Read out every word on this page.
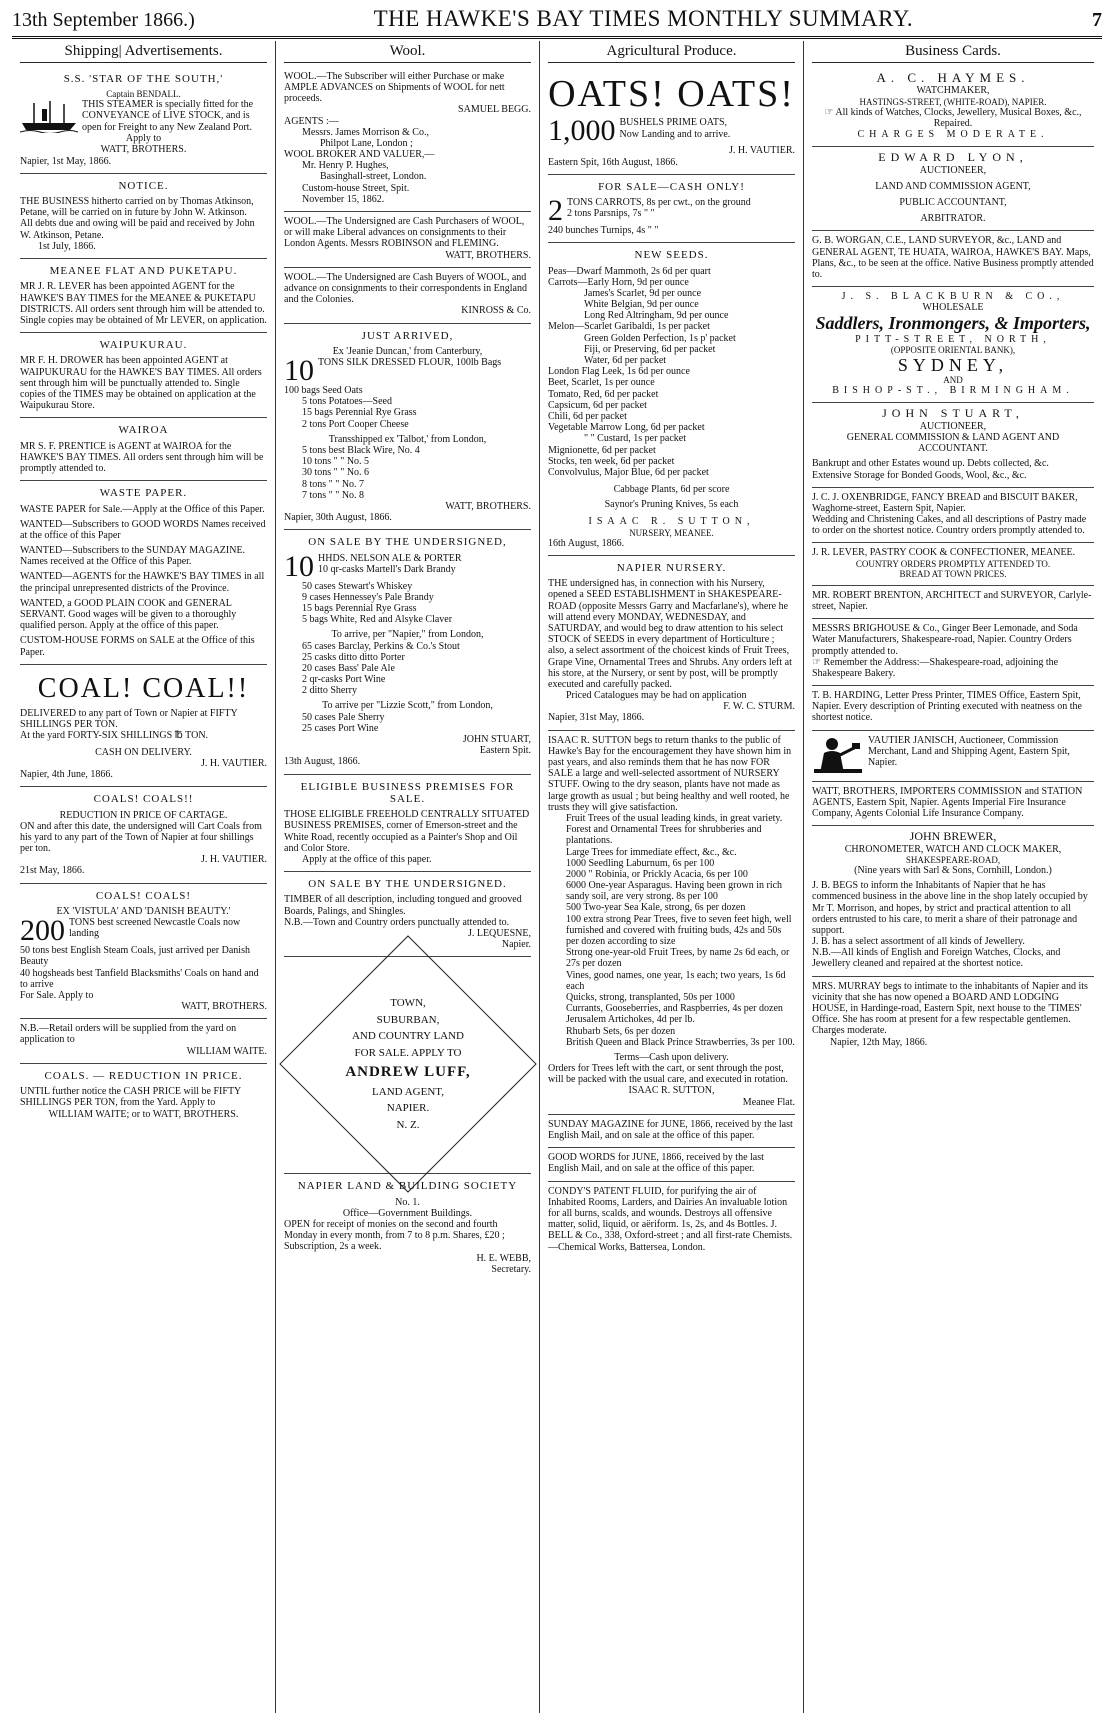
13th September 1866.)	THE HAWKE'S BAY TIMES MONTHLY SUMMARY.	7
Shipping| Advertisements.
S.S. 'STAR OF THE SOUTH,'
Captain BENDALL.

THIS STEAMER is specially fitted for the CONVEYANCE of LIVE STOCK, and is open for Freight to any New Zealand Port.

Apply to
WATT, BROTHERS.
Napier, 1st May, 1866.
NOTICE.

THE BUSINESS hitherto carried on by Thomas Atkinson, Petane, will be carried on in future by John W. Atkinson.

All debts due and owing will be paid and received by John W. Atkinson, Petane.

1st July, 1866.
MEANEE FLAT AND PUKETAPU.

MR J. R. LEVER has been appointed AGENT for the HAWKE'S BAY TIMES for the MEANEE & PUKETAPU DISTRICTS. All orders sent through him will be attended to. Single copies may be obtained of Mr LEVER, on application.

WAIPUKURAU.

MR F. H. DROWER has been appointed AGENT at WAIPUKURAU for the HAWKE'S BAY TIMES. All orders sent through him will be punctually attended to. Single copies of the TIMES may be obtained on application at the Waipukurau Store.

WAIROA

MR S. F. PRENTICE is AGENT at WAIROA for the HAWKE'S BAY TIMES. All orders sent through him will be promptly attended to.

WASTE PAPER.

WASTE PAPER for Sale.—Apply at the Office of this Paper.

WANTED—Subscribers to GOOD WORDS Names received at the office of this Paper

WANTED—Subscribers to the SUNDAY MAGAZINE. Names received at the Office of this Paper.

WANTED—AGENTS for the HAWKE'S BAY TIMES in all the principal unrepresented districts of the Province.

WANTED, a GOOD PLAIN COOK and GENERAL SERVANT. Good wages will be given to a thoroughly qualified person. Apply at the office of this paper.

CUSTOM-HOUSE FORMS on SALE at the Office of this Paper.

COAL! COAL!!

DELIVERED to any part of Town or Napier at FIFTY SHILLINGS PER TON.

At the yard FORTY-SIX SHILLINGS ℔ TON.

CASH ON DELIVERY.
J. H. VAUTIER.
Napier, 4th June, 1866.
COALS! COALS!!
REDUCTION IN PRICE OF CARTAGE.

ON and after this date, the undersigned will Cart Coals from his yard to any part of the Town of Napier at four shillings per ton.

J. H. VAUTIER.
21st May, 1866.
COALS! COALS!
EX 'VISTULA' AND 'DANISH BEAUTY.'
200 TONS best screened Newcastle Coals now landing

50 tons best English Steam Coals, just arrived per Danish Beauty

40 hogsheads best Tanfield Blacksmiths' Coals on hand and to arrive

For Sale. Apply to

WATT, BROTHERS.

N.B.—Retail orders will be supplied from the yard on application to

WILLIAM WAITE.
COALS. — REDUCTION IN PRICE.

UNTIL further notice the CASH PRICE will be FIFTY SHILLINGS PER TON, from the Yard. Apply to

WILLIAM WAITE; or to WATT, BROTHERS.
Wool.

WOOL.—The Subscriber will either Purchase or make AMPLE ADVANCES on Shipments of WOOL for nett proceeds.

SAMUEL BEGG.
AGENTS :—
Messrs. James Morrison & Co.,
Philpot Lane, London ;
WOOL BROKER AND VALUER,—
Mr. Henry P. Hughes,
Basinghall-street, London.
Custom-house Street, Spit.
November 15, 1862.

WOOL.—The Undersigned are Cash Purchasers of WOOL, or will make Liberal advances on consignments to their London Agents. Messrs ROBINSON and FLEMING.

WATT, BROTHERS.

WOOL.—The Undersigned are Cash Buyers of WOOL, and advance on consignments to their correspondents in England and the Colonies.

KINROSS & Co.
JUST ARRIVED,
Ex 'Jeanie Duncan,' from Canterbury,
10 TONS SILK DRESSED FLOUR, 100lb Bags

100 bags Seed Oats
5 tons Potatoes—Seed
15 bags Perennial Rye Grass
2 tons Port Cooper Cheese
Transshipped ex 'Talbot,' from London,
5 tons best Black Wire, No. 4
10 tons " " No. 5
30 tons " " No. 6
8 tons " " No. 7
7 tons " " No. 8
WATT, BROTHERS.
Napier, 30th August, 1866.
ON SALE BY THE UNDERSIGNED,
10 HHDS. NELSON ALE & PORTER
10 qr-casks Martell's Dark Brandy
50 cases Stewart's Whiskey
9 cases Hennessey's Pale Brandy
15 bags Perennial Rye Grass
5 bags White, Red and Alsyke Claver
To arrive, per "Napier," from London,
65 cases Barclay, Perkins & Co.'s Stout
25 casks ditto ditto Porter
20 cases Bass' Pale Ale
2 qr-casks Port Wine
2 ditto Sherry
To arrive per "Lizzie Scott," from London,
50 cases Pale Sherry
25 cases Port Wine
JOHN STUART,
Eastern Spit.
13th August, 1866.
ELIGIBLE BUSINESS PREMISES FOR SALE.

THOSE ELIGIBLE FREEHOLD CENTRALLY SITUATED BUSINESS PREMISES, corner of Emerson-street and the White Road, recently occupied as a Painter's Shop and Oil and Color Store.

Apply at the office of this paper.
ON SALE BY THE UNDERSIGNED.

TIMBER of all description, including tongued and grooved Boards, Palings, and Shingles.

N.B.—Town and Country orders punctually attended to.

J. LEQUESNE,
Napier.
TOWN,
SUBURBAN,
AND COUNTRY LAND
FOR SALE. APPLY TO
ANDREW LUFF,
LAND AGENT,
NAPIER.
N. Z.
NAPIER LAND & BUILDING SOCIETY
No. 1.
Office—Government Buildings.

OPEN for receipt of monies on the second and fourth Monday in every month, from 7 to 8 p.m. Shares, £20 ; Subscription, 2s a week.

H. E. WEBB,
Secretary.
Agricultural Produce.
OATS! OATS!
1,000 BUSHELS PRIME OATS,
Now Landing and to arrive.
J. H. VAUTIER.
Eastern Spit, 16th August, 1866.
FOR SALE—CASH ONLY!
2 TONS CARROTS, 8s per cwt., on the ground
2 tons Parsnips, 7s " "
240 bunches Turnips, 4s " "
NEW SEEDS.
Peas—Dwarf Mammoth, 2s 6d per quart
Carrots—Early Horn, 9d per ounce
James's Scarlet, 9d per ounce
White Belgian, 9d per ounce
Long Red Altringham, 9d per ounce
Melon—Scarlet Garibaldi, 1s per packet
Green Golden Perfection, 1s p' packet
Fiji, or Preserving, 6d per packet
Water, 6d per packet
London Flag Leek, 1s 6d per ounce
Beet, Scarlet, 1s per ounce
Tomato, Red, 6d per packet
Capsicum, 6d per packet
Chili, 6d per packet
Vegetable Marrow Long, 6d per packet
" " Custard, 1s per packet
Mignionette, 6d per packet
Stocks, ten week, 6d per packet
Convolvulus, Major Blue, 6d per packet
Cabbage Plants, 6d per score
Saynor's Pruning Knives, 5s each
ISAAC R. SUTTON,
NURSERY, MEANEE.
16th August, 1866.
NAPIER NURSERY.

THE undersigned has, in connection with his Nursery, opened a SEED ESTABLISHMENT in SHAKESPEARE-ROAD (opposite Messrs Garry and Macfarlane's), where he will attend every MONDAY, WEDNESDAY, and SATURDAY, and would beg to draw attention to his select STOCK of SEEDS in every department of Horticulture ; also, a select assortment of the choicest kinds of Fruit Trees, Grape Vine, Ornamental Trees and Shrubs. Any orders left at his store, at the Nursery, or sent by post, will be promptly executed and carefully packed.

Priced Catalogues may be had on application
F. W. C. STURM.
Napier, 31st May, 1866.

ISAAC R. SUTTON begs to return thanks to the public of Hawke's Bay for the encouragement they have shown him in past years, and also reminds them that he has now FOR SALE a large and well-selected assortment of NURSERY STUFF. Owing to the dry season, plants have not made as large growth as usual ; but being healthy and well rooted, he trusts they will give satisfaction.

Fruit Trees of the usual leading kinds, in great variety.
Forest and Ornamental Trees for shrubberies and plantations.
Large Trees for immediate effect, &c., &c.
1000 Seedling Laburnum, 6s per 100
2000 " Robinia, or Prickly Acacia, 6s per 100
6000 One-year Asparagus. Having been grown in rich sandy soil, are very strong. 8s per 100
500 Two-year Sea Kale, strong, 6s per dozen
100 extra strong Pear Trees, five to seven feet high, well furnished and covered with fruiting buds, 42s and 50s per dozen according to size
Strong one-year-old Fruit Trees, by name 2s 6d each, or 27s per dozen
Vines, good names, one year, 1s each; two years, 1s 6d each
Quicks, strong, transplanted, 50s per 1000
Currants, Gooseberries, and Raspberries, 4s per dozen
Jerusalem Artichokes, 4d per lb.
Rhubarb Sets, 6s per dozen
British Queen and Black Prince Strawberries, 3s per 100.
Terms—Cash upon delivery.

Orders for Trees left with the cart, or sent through the post, will be packed with the usual care, and executed in rotation.

ISAAC R. SUTTON,
Meanee Flat.

SUNDAY MAGAZINE for JUNE, 1866, received by the last English Mail, and on sale at the office of this paper.

GOOD WORDS for JUNE, 1866, received by the last English Mail, and on sale at the office of this paper.

CONDY'S PATENT FLUID, for purifying the air of Inhabited Rooms, Larders, and Dairies An invaluable lotion for all burns, scalds, and wounds. Destroys all offensive matter, solid, liquid, or aëriform. 1s, 2s, and 4s Bottles. J. BELL & Co., 338, Oxford-street ; and all first-rate Chemists.—Chemical Works, Battersea, London.

Business Cards.
A. C. HAYMES.
WATCHMAKER,
HASTINGS-STREET, (WHITE-ROAD), NAPIER.
☞ All kinds of Watches, Clocks, Jewellery, Musical Boxes, &c., Repaired.
CHARGES MODERATE.
EDWARD LYON,
AUCTIONEER,
LAND AND COMMISSION AGENT,
PUBLIC ACCOUNTANT,
ARBITRATOR.

G. B. WORGAN, C.E., LAND SURVEYOR, &c., LAND and GENERAL AGENT, TE HUATA, WAIROA, HAWKE'S BAY. Maps, Plans, &c., to be seen at the office. Native Business promptly attended to.

J. S. BLACKBURN & CO.,
WHOLESALE
Saddlers, Ironmongers, & Importers,
PITT-STREET, NORTH,
(OPPOSITE ORIENTAL BANK),
SYDNEY,
AND
BISHOP-ST., BIRMINGHAM.
JOHN STUART,
AUCTIONEER,
GENERAL COMMISSION & LAND AGENT AND ACCOUNTANT.

Bankrupt and other Estates wound up. Debts collected, &c.

Extensive Storage for Bonded Goods, Wool, &c., &c.

J. C. J. OXENBRIDGE, FANCY BREAD and BISCUIT BAKER, Waghorne-street, Eastern Spit, Napier.

Wedding and Christening Cakes, and all descriptions of Pastry made to order on the shortest notice. Country orders promptly attended to.

J. R. LEVER, PASTRY COOK & CONFECTIONER, MEANEE.

COUNTRY ORDERS PROMPTLY ATTENDED TO.
BREAD AT TOWN PRICES.

MR. ROBERT BRENTON, ARCHITECT and SURVEYOR, Carlyle-street, Napier.

MESSRS BRIGHOUSE & Co., Ginger Beer Lemonade, and Soda Water Manufacturers, Shakespeare-road, Napier. Country Orders promptly attended to.

☞ Remember the Address:—Shakespeare-road, adjoining the Shakespeare Bakery.

T. B. HARDING, Letter Press Printer, TIMES Office, Eastern Spit, Napier. Every description of Printing executed with neatness on the shortest notice.

VAUTIER JANISCH, Auctioneer, Commission Merchant, Land and Shipping Agent, Eastern Spit, Napier.

WATT, BROTHERS, IMPORTERS COMMISSION and STATION AGENTS, Eastern Spit, Napier. Agents Imperial Fire Insurance Company, Agents Colonial Life Insurance Company.

JOHN BREWER,
CHRONOMETER, WATCH AND CLOCK MAKER,
SHAKESPEARE-ROAD,
(Nine years with Sarl & Sons, Cornhill, London.)

J. B. BEGS to inform the Inhabitants of Napier that he has commenced business in the above line in the shop lately occupied by Mr T. Morrison, and hopes, by strict and practical attention to all orders entrusted to his care, to merit a share of their patronage and support.

J. B. has a select assortment of all kinds of Jewellery.

N.B.—All kinds of English and Foreign Watches, Clocks, and Jewellery cleaned and repaired at the shortest notice.

MRS. MURRAY begs to intimate to the inhabitants of Napier and its vicinity that she has now opened a BOARD AND LODGING HOUSE, in Hardinge-road, Eastern Spit, next house to the 'TIMES' Office. She has room at present for a few respectable gentlemen. Charges moderate.

Napier, 12th May, 1866.
